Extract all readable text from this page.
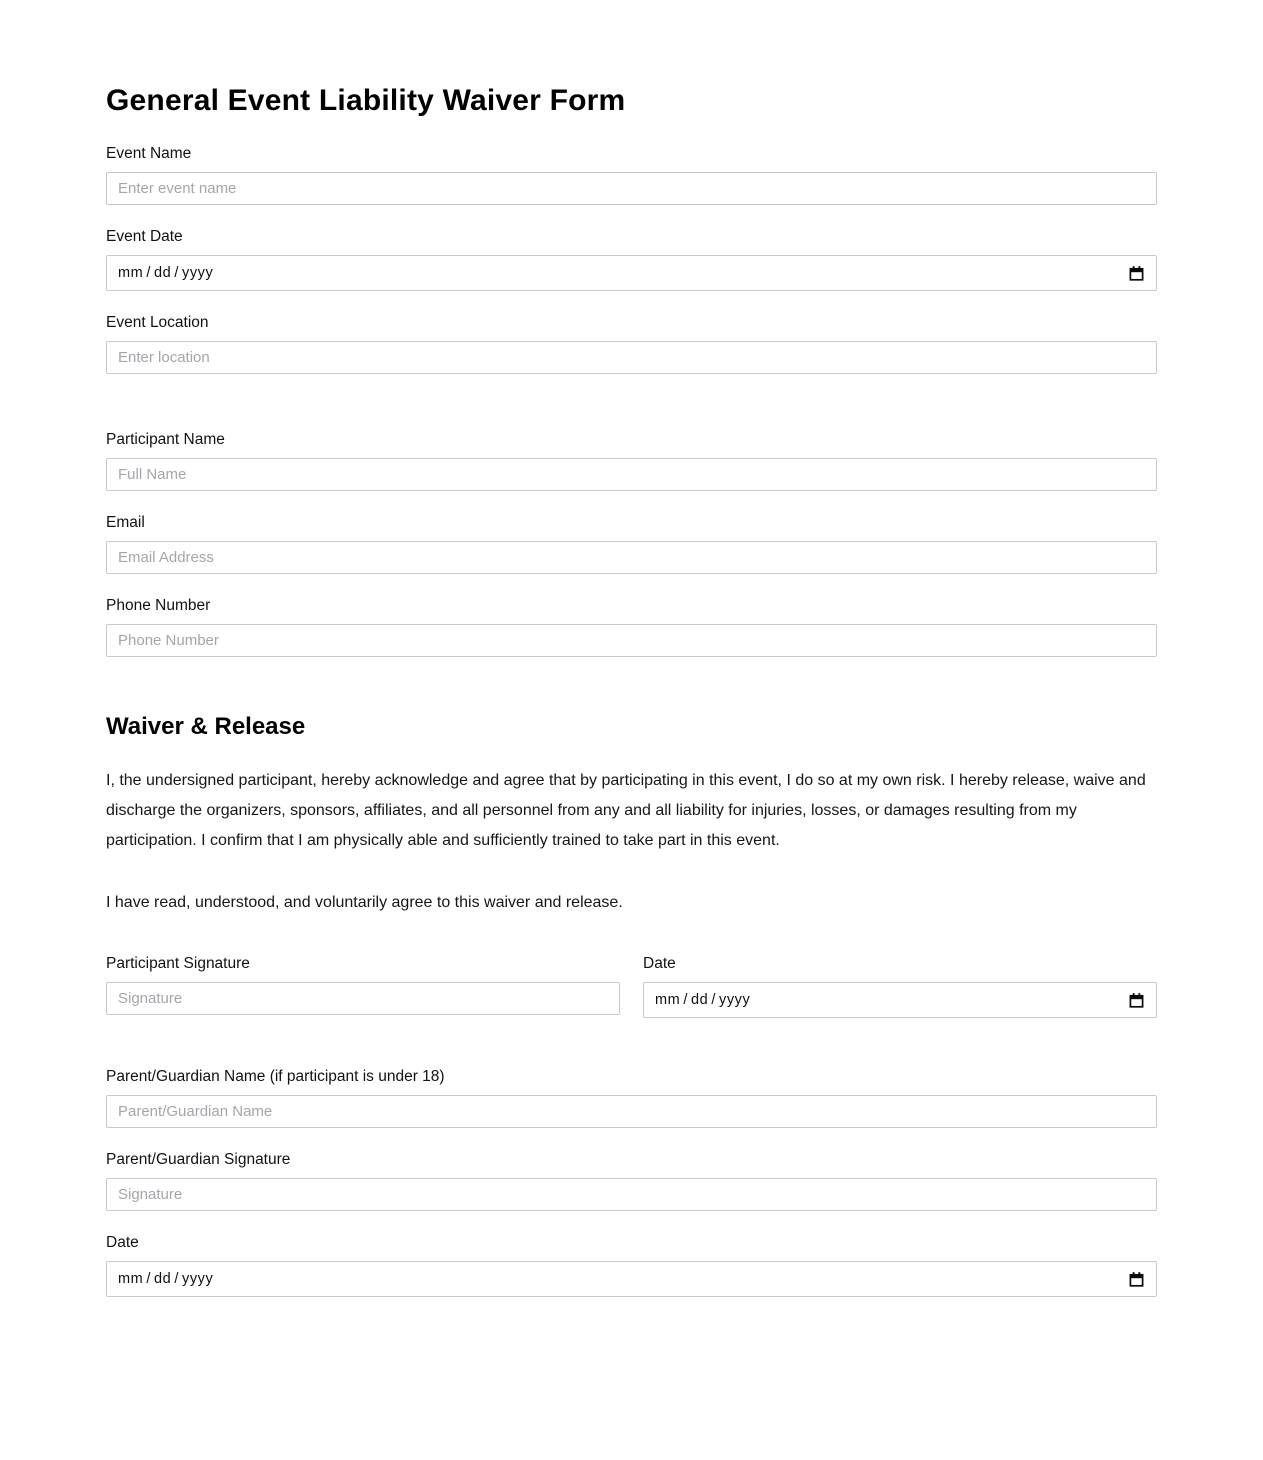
General Event Liability Waiver Form
Event Name
Enter event name
Event Date
mm / dd / yyyy
Event Location
Enter location
Participant Name
Full Name
Email
Email Address
Phone Number
Phone Number
Waiver & Release

I, the undersigned participant, hereby acknowledge and agree that by participating in this event, I do so at my own risk. I hereby release, waive and discharge the organizers, sponsors, affiliates, and all personnel from any and all liability for injuries, losses, or damages resulting from my participation. I confirm that I am physically able and sufficiently trained to take part in this event.

I have read, understood, and voluntarily agree to this waiver and release.

Participant Signature
Signature	Date
mm / dd / yyyy
Parent/Guardian Name (if participant is under 18)
Parent/Guardian Name
Parent/Guardian Signature
Signature
Date
mm / dd / yyyy
